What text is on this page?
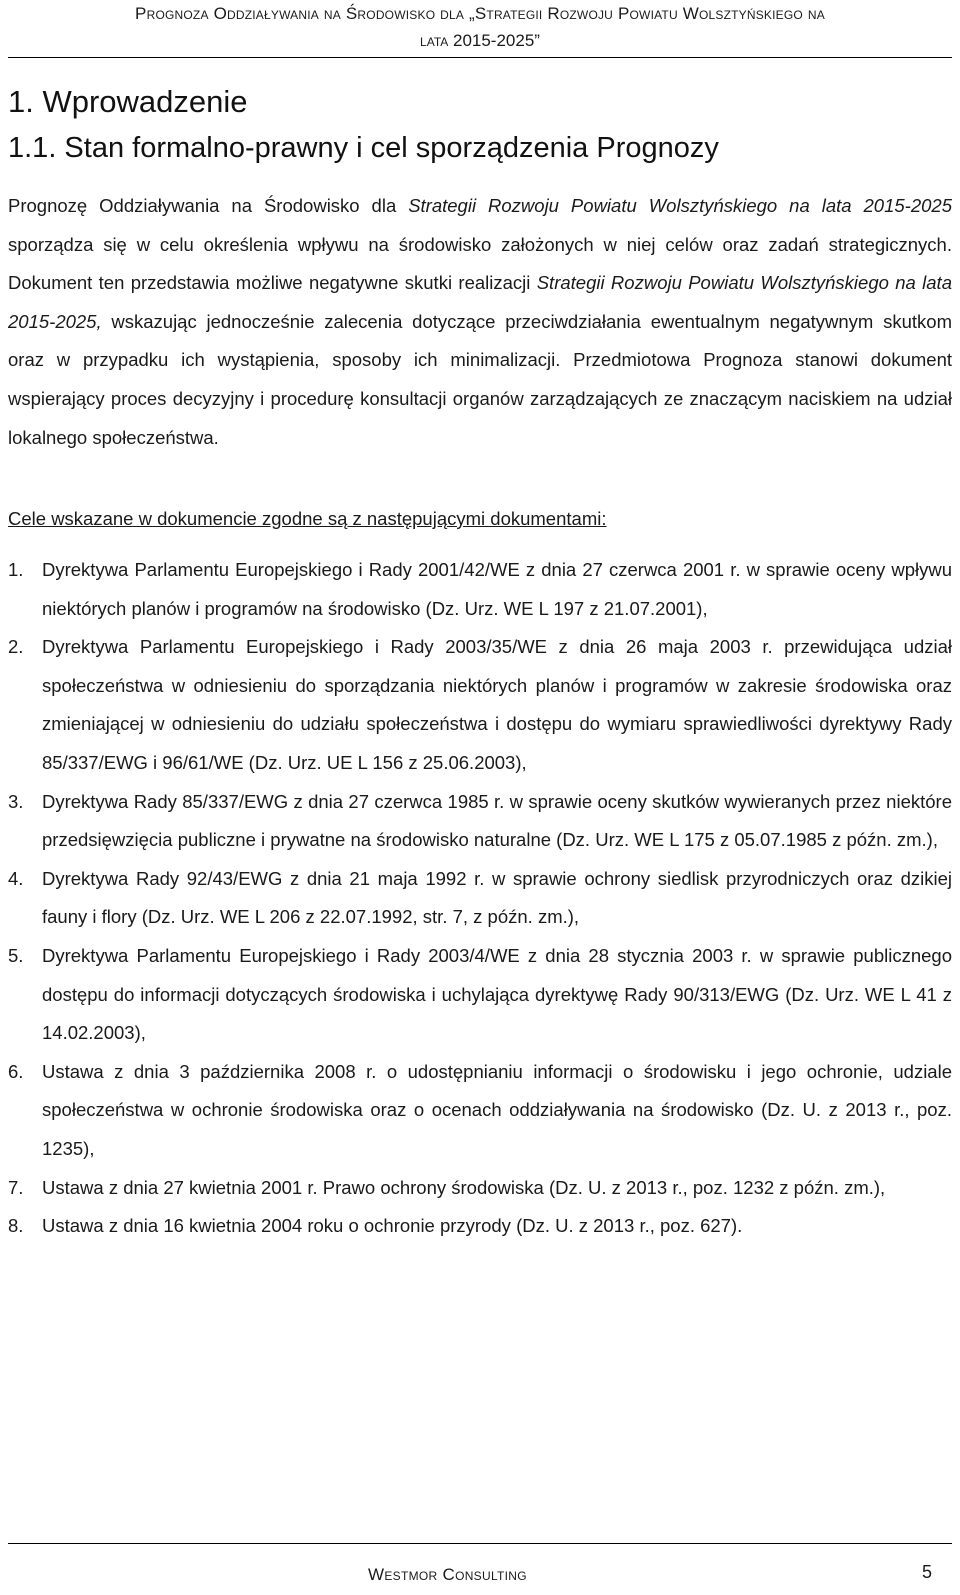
Prognoza Oddziaływania na Środowisko dla „Strategii Rozwoju Powiatu Wolsztyńskiego na
lata 2015-2025”
1. Wprowadzenie
1.1. Stan formalno-prawny i cel sporządzenia Prognozy
Prognozę Oddziaływania na Środowisko dla Strategii Rozwoju Powiatu Wolsztyńskiego na lata 2015-2025 sporządza się w celu określenia wpływu na środowisko założonych w niej celów oraz zadań strategicznych. Dokument ten przedstawia możliwe negatywne skutki realizacji Strategii Rozwoju Powiatu Wolsztyńskiego na lata 2015-2025, wskazując jednocześnie zalecenia dotyczące przeciwdziałania ewentualnym negatywnym skutkom oraz w przypadku ich wystąpienia, sposoby ich minimalizacji. Przedmiotowa Prognoza stanowi dokument wspierający proces decyzyjny i procedurę konsultacji organów zarządzających ze znaczącym naciskiem na udział lokalnego społeczeństwa.
Cele wskazane w dokumencie zgodne są z następującymi dokumentami:
1. Dyrektywa Parlamentu Europejskiego i Rady 2001/42/WE z dnia 27 czerwca 2001 r. w sprawie oceny wpływu niektórych planów i programów na środowisko (Dz. Urz. WE L 197 z 21.07.2001),
2. Dyrektywa Parlamentu Europejskiego i Rady 2003/35/WE z dnia 26 maja 2003 r. przewidująca udział społeczeństwa w odniesieniu do sporządzania niektórych planów i programów w zakresie środowiska oraz zmieniającej w odniesieniu do udziału społeczeństwa i dostępu do wymiaru sprawiedliwości dyrektywy Rady 85/337/EWG i 96/61/WE (Dz. Urz. UE L 156 z 25.06.2003),
3. Dyrektywa Rady 85/337/EWG z dnia 27 czerwca 1985 r. w sprawie oceny skutków wywieranych przez niektóre przedsięwzięcia publiczne i prywatne na środowisko naturalne (Dz. Urz. WE L 175 z 05.07.1985 z późn. zm.),
4. Dyrektywa Rady 92/43/EWG z dnia 21 maja 1992 r. w sprawie ochrony siedlisk przyrodniczych oraz dzikiej fauny i flory (Dz. Urz. WE L 206 z 22.07.1992, str. 7, z późn. zm.),
5. Dyrektywa Parlamentu Europejskiego i Rady 2003/4/WE z dnia 28 stycznia 2003 r. w sprawie publicznego dostępu do informacji dotyczących środowiska i uchylająca dyrektywę Rady 90/313/EWG (Dz. Urz. WE L 41 z 14.02.2003),
6. Ustawa z dnia 3 października 2008 r. o udostępnianiu informacji o środowisku i jego ochronie, udziale społeczeństwa w ochronie środowiska oraz o ocenach oddziaływania na środowisko (Dz. U. z 2013 r., poz. 1235),
7. Ustawa z dnia 27 kwietnia 2001 r. Prawo ochrony środowiska (Dz. U. z 2013 r., poz. 1232 z późn. zm.),
8. Ustawa z dnia 16 kwietnia 2004 roku o ochronie przyrody (Dz. U. z 2013 r., poz. 627).
Westmor Consulting	5
